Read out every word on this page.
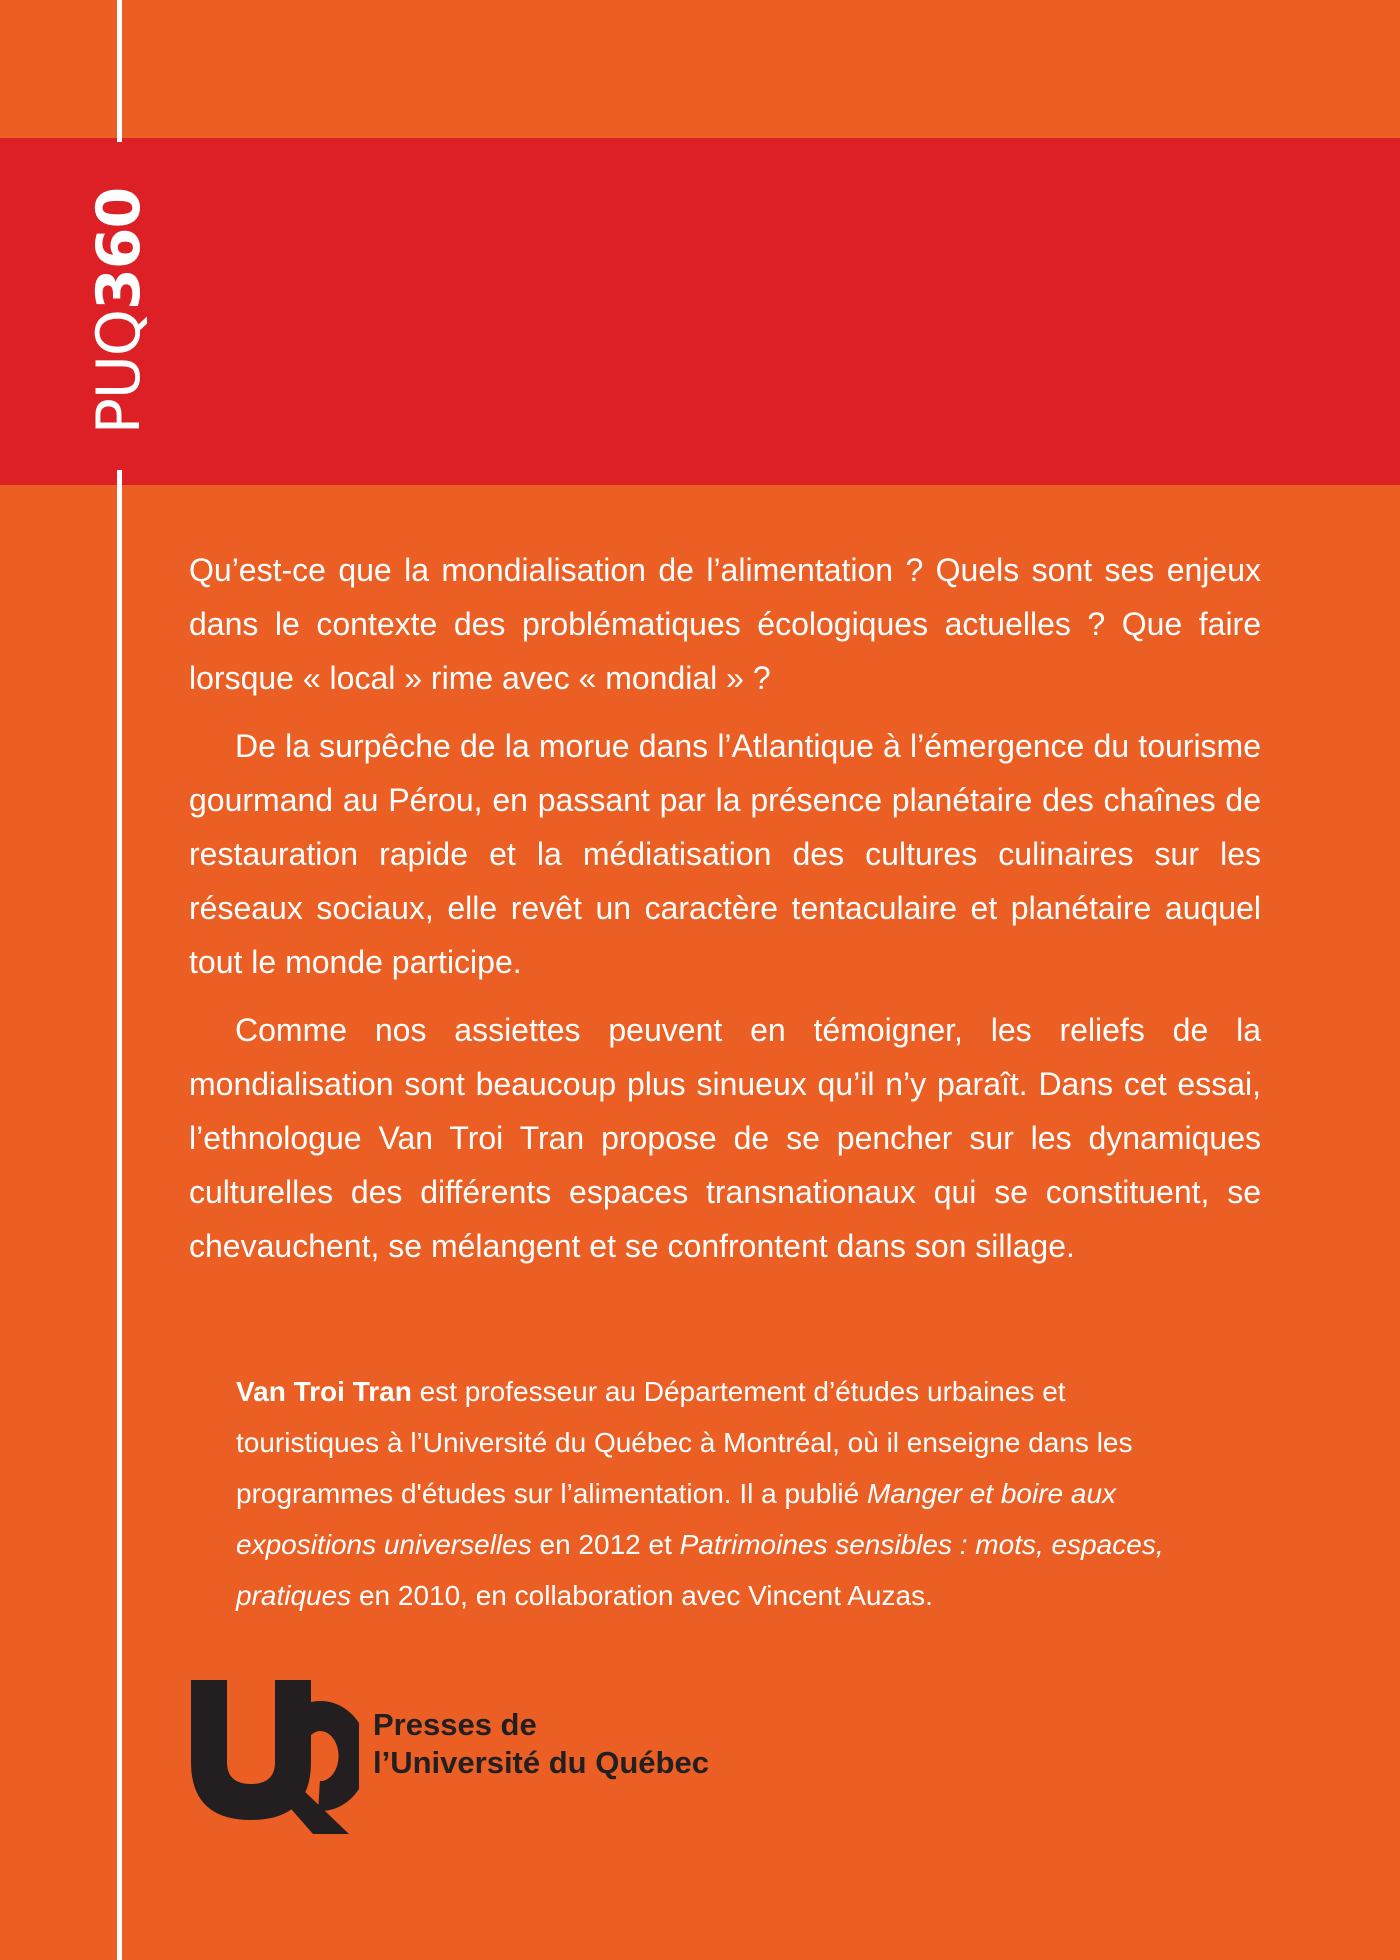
PUQ360

Qu’est-ce que la mondialisation de l’alimentation ? Quels sont ses enjeux dans le contexte des problématiques écologiques actuelles ? Que faire lorsque « local » rime avec « mondial » ?

De la surpêche de la morue dans l’Atlantique à l’émergence du tourisme gourmand au Pérou, en passant par la présence planétaire des chaînes de restauration rapide et la médiatisation des cultures culinaires sur les réseaux sociaux, elle revêt un caractère tentaculaire et planétaire auquel tout le monde participe.

Comme nos assiettes peuvent en témoigner, les reliefs de la mondialisation sont beaucoup plus sinueux qu’il n’y paraît. Dans cet essai, l’ethnologue Van Troi Tran propose de se pencher sur les dynamiques culturelles des différents espaces transnationaux qui se constituent, se chevauchent, se mélangent et se confrontent dans son sillage.

Van Troi Tran est professeur au Département d’études urbaines et touristiques à l’Université du Québec à Montréal, où il enseigne dans les programmes d'études sur l’alimentation. Il a publié Manger et boire aux expositions universelles en 2012 et Patrimoines sensibles : mots, espaces, pratiques en 2010, en collaboration avec Vincent Auzas.
Presses de
l’Université du Québec
